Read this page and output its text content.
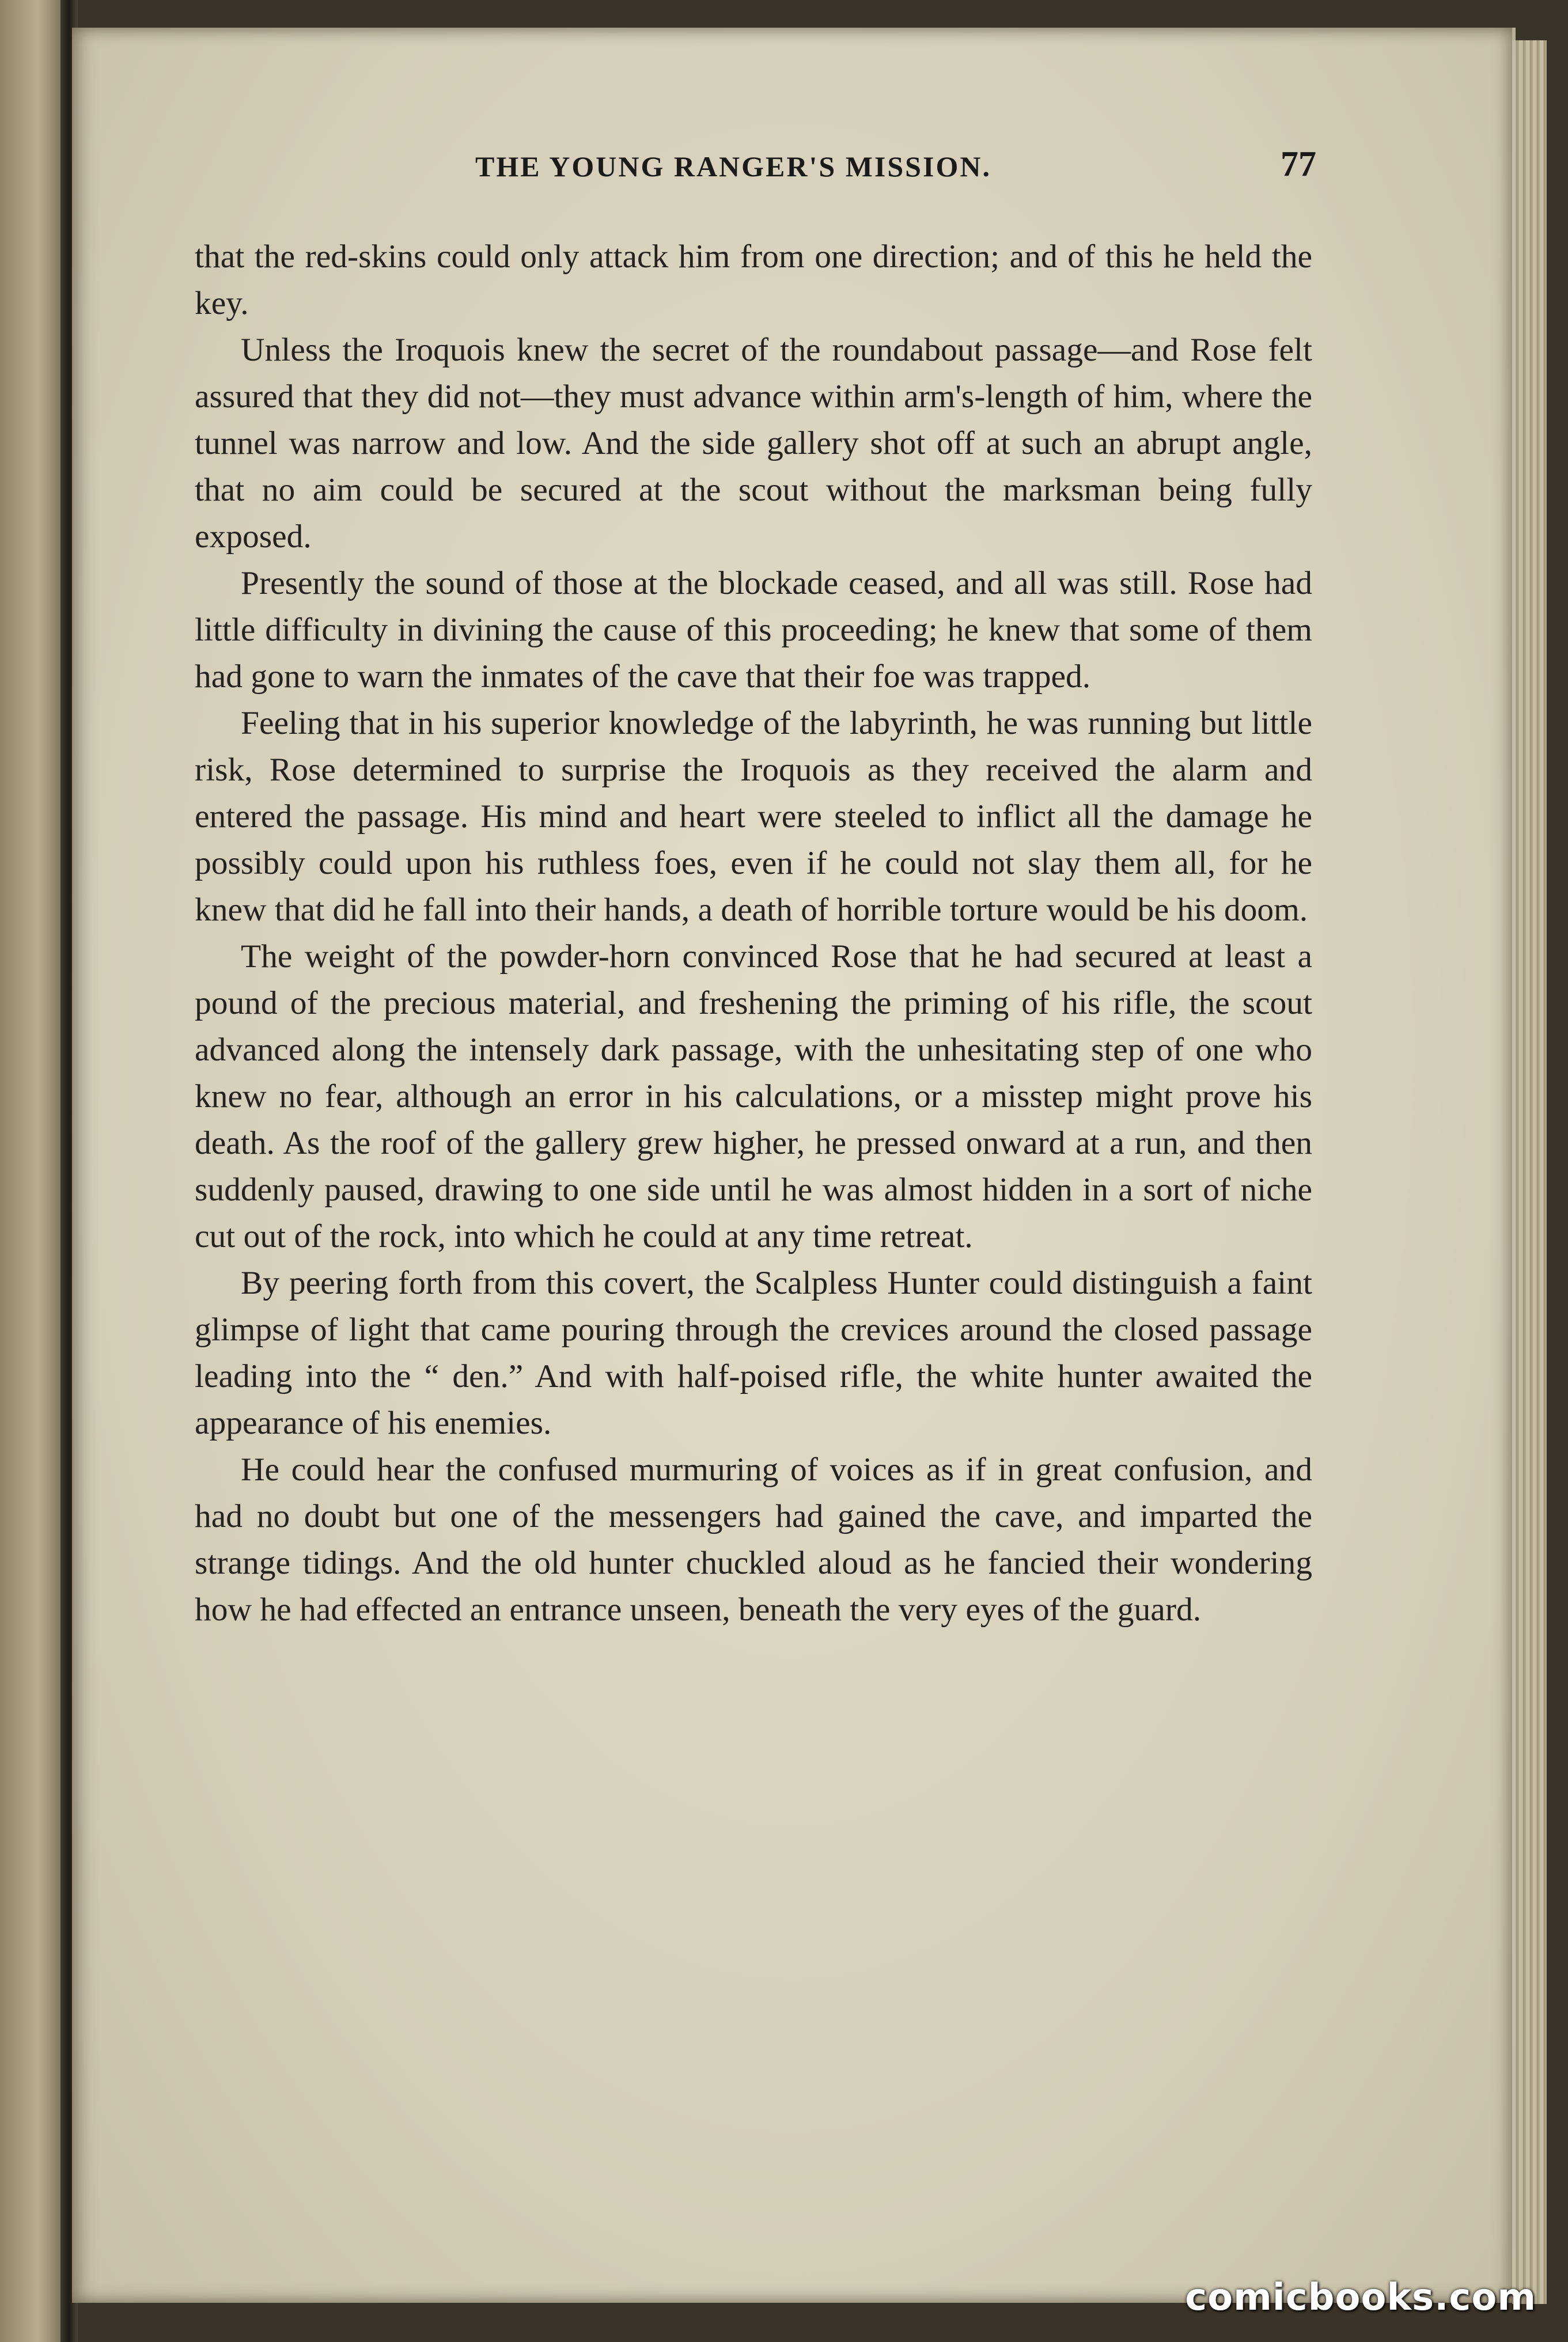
THE YOUNG RANGER'S MISSION.	77

that the red-skins could only attack him from one direction; and of this he held the key.

Unless the Iroquois knew the secret of the roundabout passage—and Rose felt assured that they did not—they must advance within arm's-length of him, where the tunnel was narrow and low. And the side gallery shot off at such an abrupt angle, that no aim could be secured at the scout without the marksman being fully exposed.

Presently the sound of those at the blockade ceased, and all was still. Rose had little difficulty in divining the cause of this proceeding; he knew that some of them had gone to warn the inmates of the cave that their foe was trapped.

Feeling that in his superior knowledge of the labyrinth, he was running but little risk, Rose determined to surprise the Iroquois as they received the alarm and entered the passage. His mind and heart were steeled to inflict all the damage he possibly could upon his ruthless foes, even if he could not slay them all, for he knew that did he fall into their hands, a death of horrible torture would be his doom.

The weight of the powder-horn convinced Rose that he had secured at least a pound of the precious material, and freshening the priming of his rifle, the scout advanced along the intensely dark passage, with the unhesitating step of one who knew no fear, although an error in his calculations, or a misstep might prove his death. As the roof of the gallery grew higher, he pressed onward at a run, and then suddenly paused, drawing to one side until he was almost hidden in a sort of niche cut out of the rock, into which he could at any time retreat.

By peering forth from this covert, the Scalpless Hunter could distinguish a faint glimpse of light that came pouring through the crevices around the closed passage leading into the “ den.” And with half-poised rifle, the white hunter awaited the appearance of his enemies.

He could hear the confused murmuring of voices as if in great confusion, and had no doubt but one of the messengers had gained the cave, and imparted the strange tidings. And the old hunter chuckled aloud as he fancied their wondering how he had effected an entrance unseen, beneath the very eyes of the guard.

comicbooks.com
